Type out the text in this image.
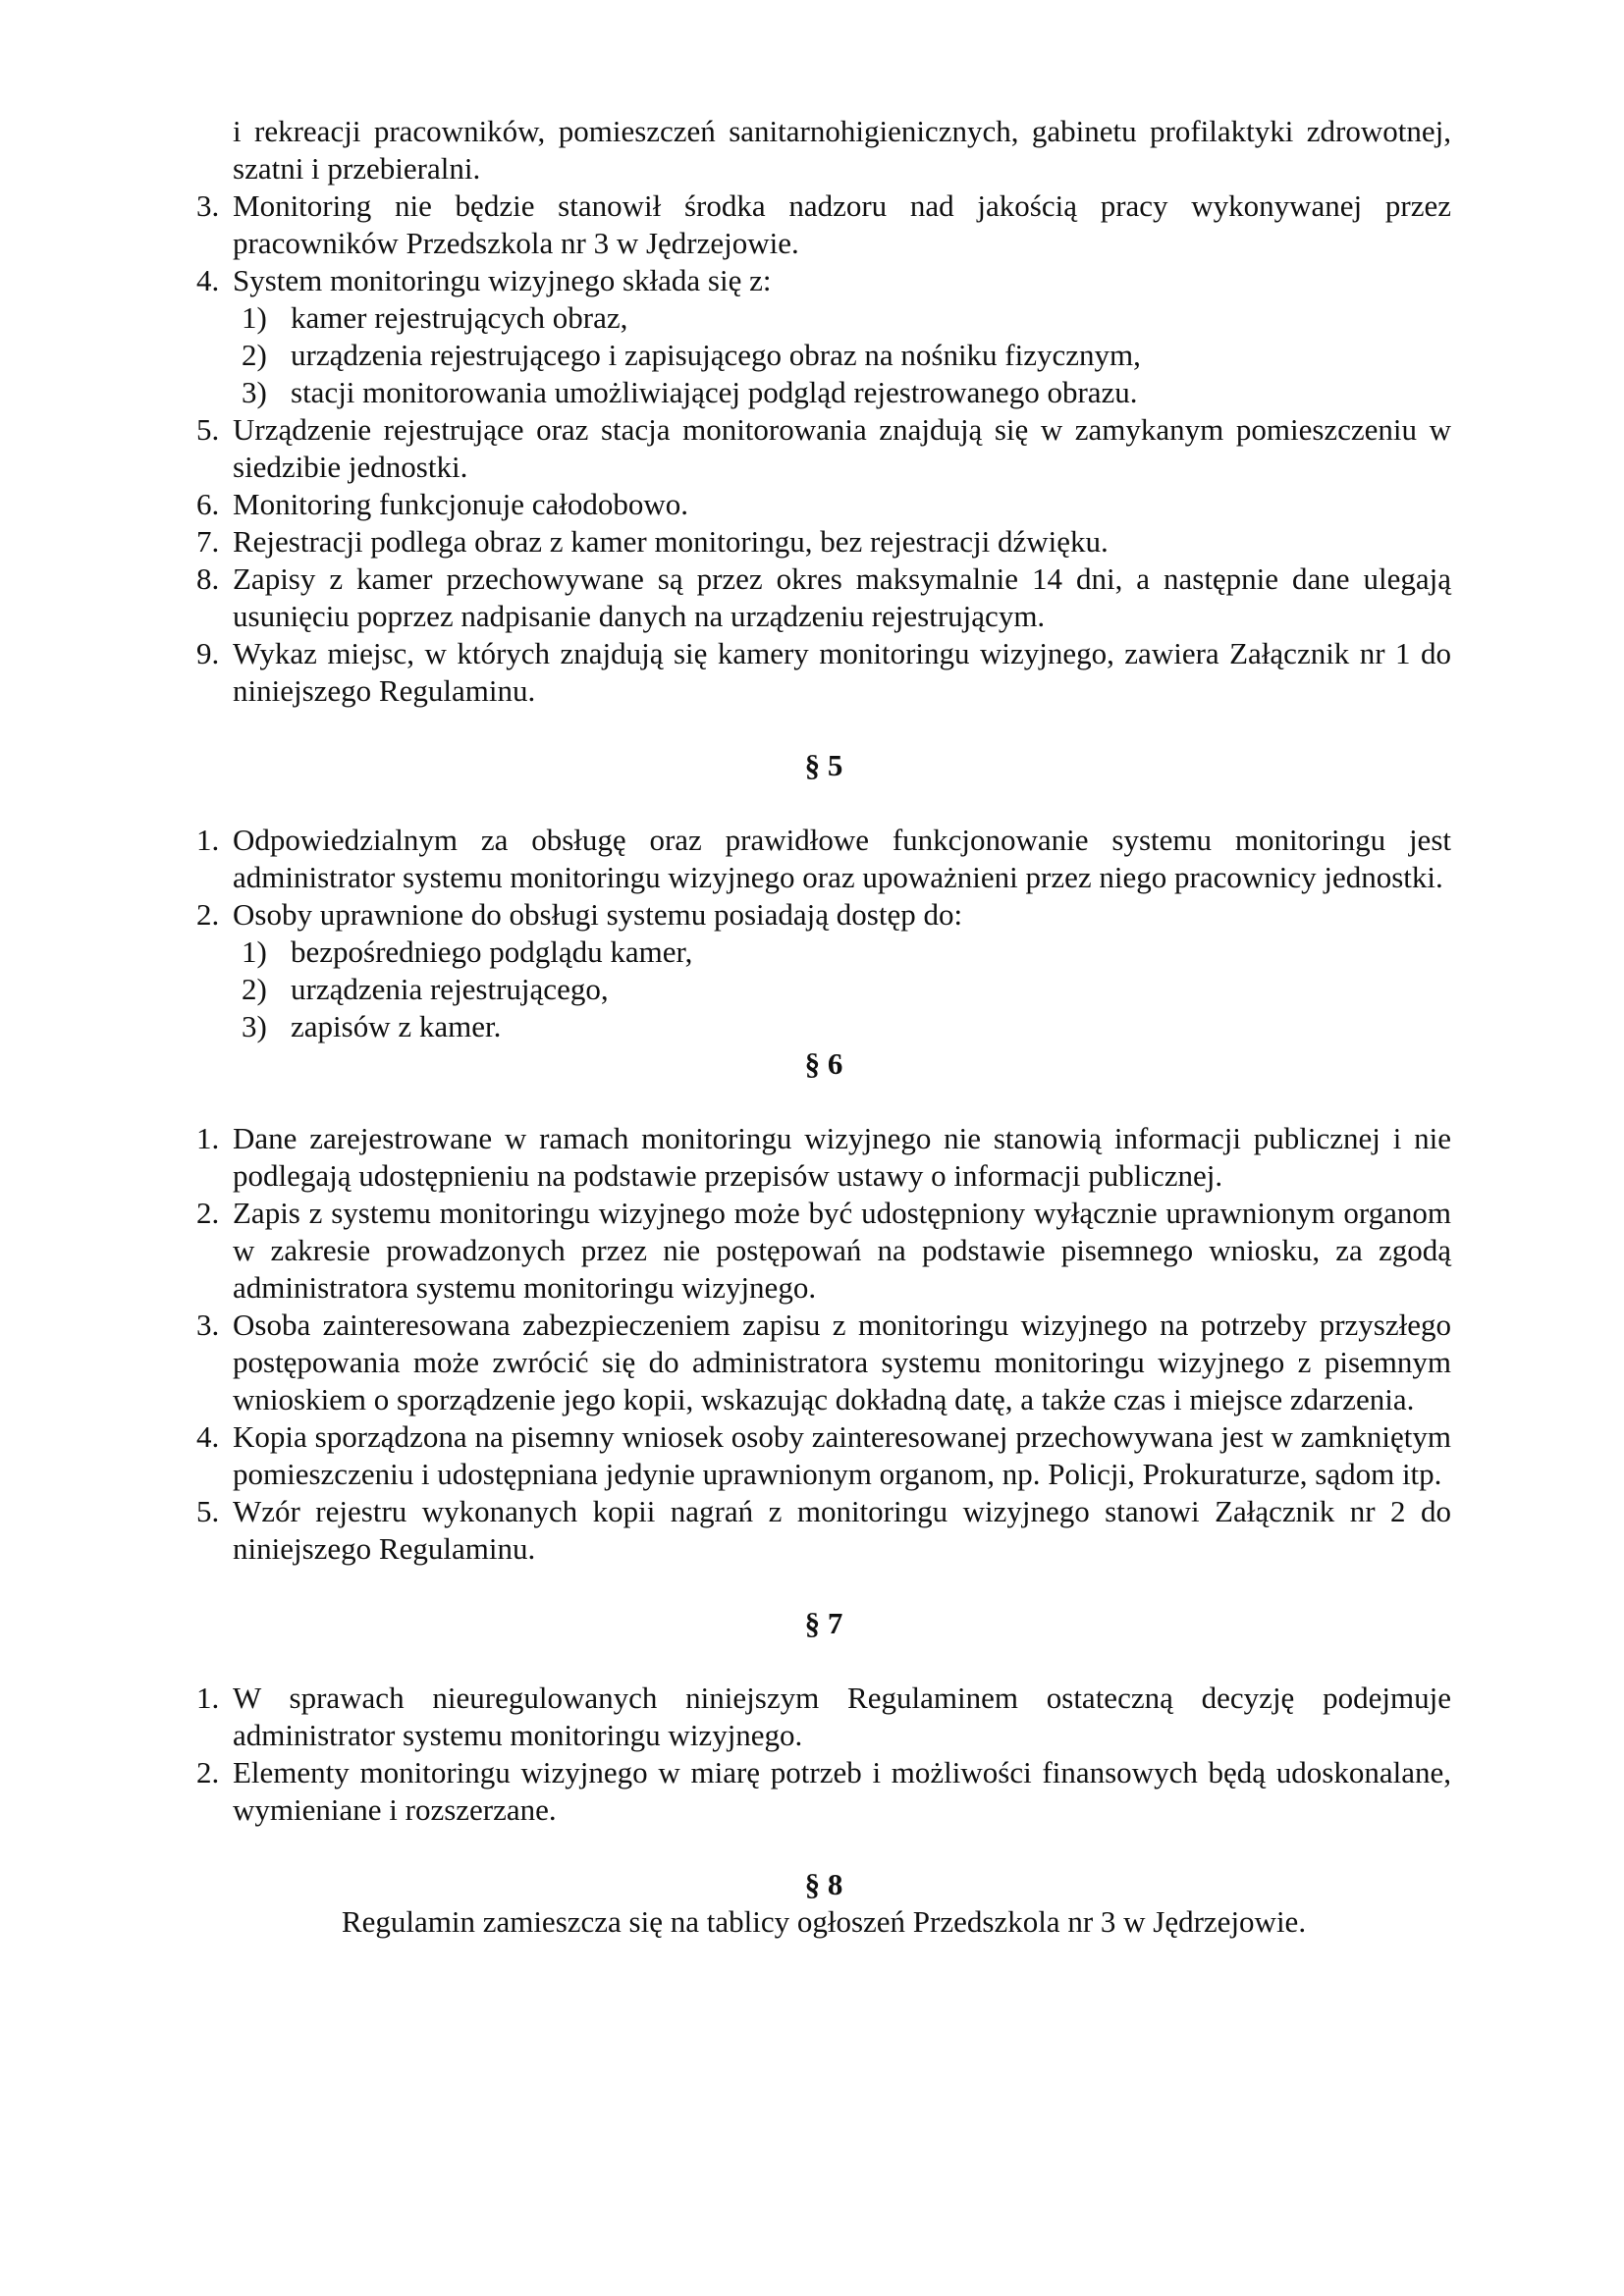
i rekreacji pracowników, pomieszczeń sanitarnohigienicznych, gabinetu profilaktyki zdrowotnej, szatni i przebieralni.
3. Monitoring nie będzie stanowił środka nadzoru nad jakością pracy wykonywanej przez pracowników Przedszkola nr 3 w Jędrzejowie.
4. System monitoringu wizyjnego składa się z:
1) kamer rejestrujących obraz,
2) urządzenia rejestrującego i zapisującego obraz na nośniku fizycznym,
3) stacji monitorowania umożliwiającej podgląd rejestrowanego obrazu.
5. Urządzenie rejestrujące oraz stacja monitorowania znajdują się w zamykanym pomieszczeniu w siedzibie jednostki.
6. Monitoring funkcjonuje całodobowo.
7. Rejestracji podlega obraz z kamer monitoringu, bez rejestracji dźwięku.
8. Zapisy z kamer przechowywane są przez okres maksymalnie 14 dni, a następnie dane ulegają usunięciu poprzez nadpisanie danych na urządzeniu rejestrującym.
9. Wykaz miejsc, w których znajdują się kamery monitoringu wizyjnego, zawiera Załącznik nr 1 do niniejszego Regulaminu.
§ 5
1. Odpowiedzialnym za obsługę oraz prawidłowe funkcjonowanie systemu monitoringu jest administrator systemu monitoringu wizyjnego oraz upoważnieni przez niego pracownicy jednostki.
2. Osoby uprawnione do obsługi systemu posiadają dostęp do:
1) bezpośredniego podglądu kamer,
2) urządzenia rejestrującego,
3) zapisów z kamer.
§ 6
1. Dane zarejestrowane w ramach monitoringu wizyjnego nie stanowią informacji publicznej i nie podlegają udostępnieniu na podstawie przepisów ustawy o informacji publicznej.
2. Zapis z systemu monitoringu wizyjnego może być udostępniony wyłącznie uprawnionym organom w zakresie prowadzonych przez nie postępowań na podstawie pisemnego wniosku, za zgodą administratora systemu monitoringu wizyjnego.
3. Osoba zainteresowana zabezpieczeniem zapisu z monitoringu wizyjnego na potrzeby przyszłego postępowania może zwrócić się do administratora systemu monitoringu wizyjnego z pisemnym wnioskiem o sporządzenie jego kopii, wskazując dokładną datę, a także czas i miejsce zdarzenia.
4. Kopia sporządzona na pisemny wniosek osoby zainteresowanej przechowywana jest w zamkniętym pomieszczeniu i udostępniana jedynie uprawnionym organom, np. Policji, Prokuraturze, sądom itp.
5. Wzór rejestru wykonanych kopii nagrań z monitoringu wizyjnego stanowi Załącznik nr 2 do niniejszego Regulaminu.
§ 7
1. W sprawach nieuregulowanych niniejszym Regulaminem ostateczną decyzję podejmuje administrator systemu monitoringu wizyjnego.
2. Elementy monitoringu wizyjnego w miarę potrzeb i możliwości finansowych będą udoskonalane, wymieniane i rozszerzane.
§ 8
Regulamin zamieszcza się na tablicy ogłoszeń Przedszkola nr 3 w Jędrzejowie.
